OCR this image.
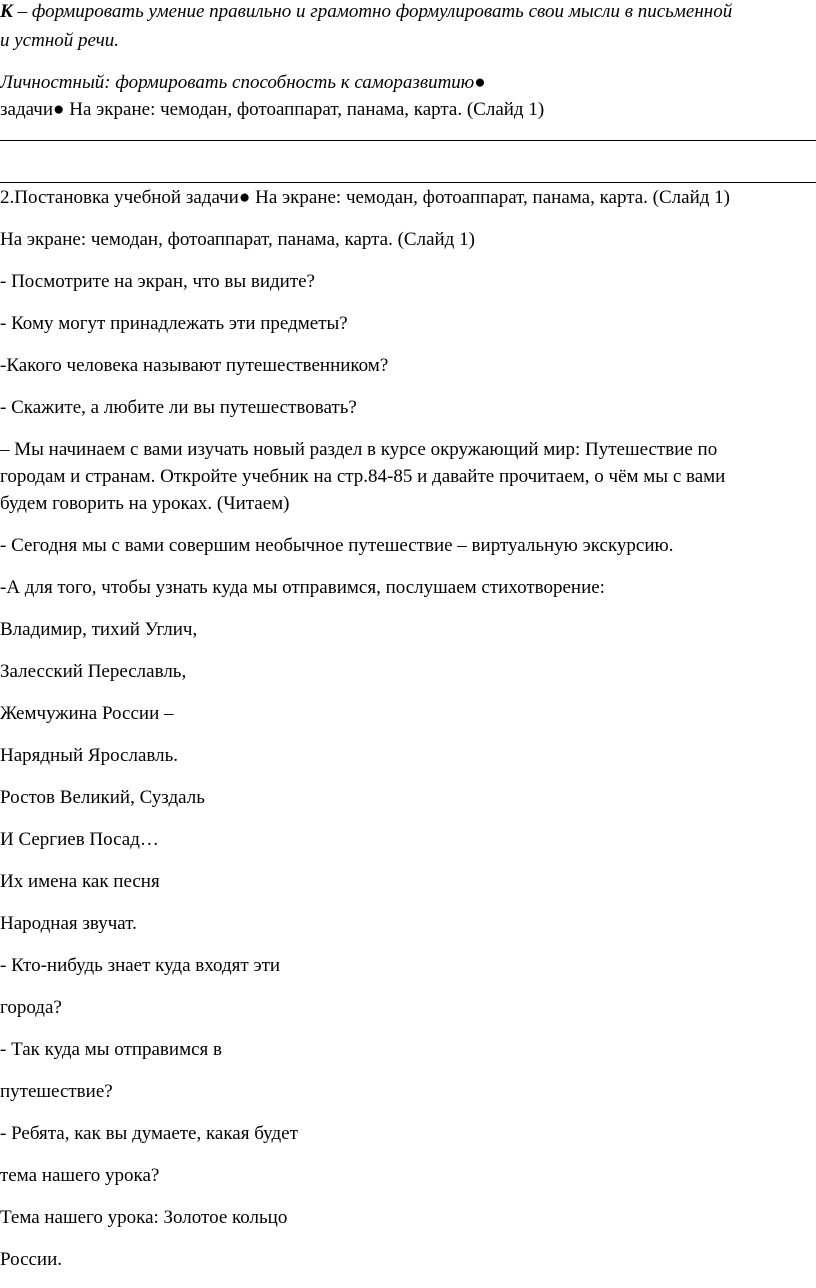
К – формировать умение правильно и грамотно формулировать свои мысли в письменной
и устной речи.
Личностный: формировать способность к саморазвитию●
задачи● На экране: чемодан, фотоаппарат, панама, карта. (Слайд 1)
2.Постановка учебной задачи● На экране: чемодан, фотоаппарат, панама, карта. (Слайд 1)
На экране: чемодан, фотоаппарат, панама, карта. (Слайд 1)
- Посмотрите на экран, что вы видите?
- Кому могут принадлежать эти предметы?
-Какого человека называют путешественником?
- Скажите, а любите ли вы путешествовать?
– Мы начинаем с вами изучать новый раздел в курсе окружающий мир: Путешествие по
городам и странам. Откройте учебник на стр.84-85 и давайте прочитаем, о чём мы с вами
будем говорить на уроках. (Читаем)
- Сегодня мы с вами совершим необычное путешествие – виртуальную экскурсию.
-А для того, чтобы узнать куда мы отправимся, послушаем стихотворение:
Владимир, тихий Углич,
Залесский Переславль,
Жемчужина России –
Нарядный Ярославль.
Ростов Великий, Суздаль
И Сергиев Посад…
Их имена как песня
Народная звучат.
- Кто-нибудь знает куда входят эти
города?
- Так куда мы отправимся в
путешествие?
- Ребята, как вы думаете, какая будет
тема нашего урока?
Тема нашего урока: Золотое кольцо
России.
